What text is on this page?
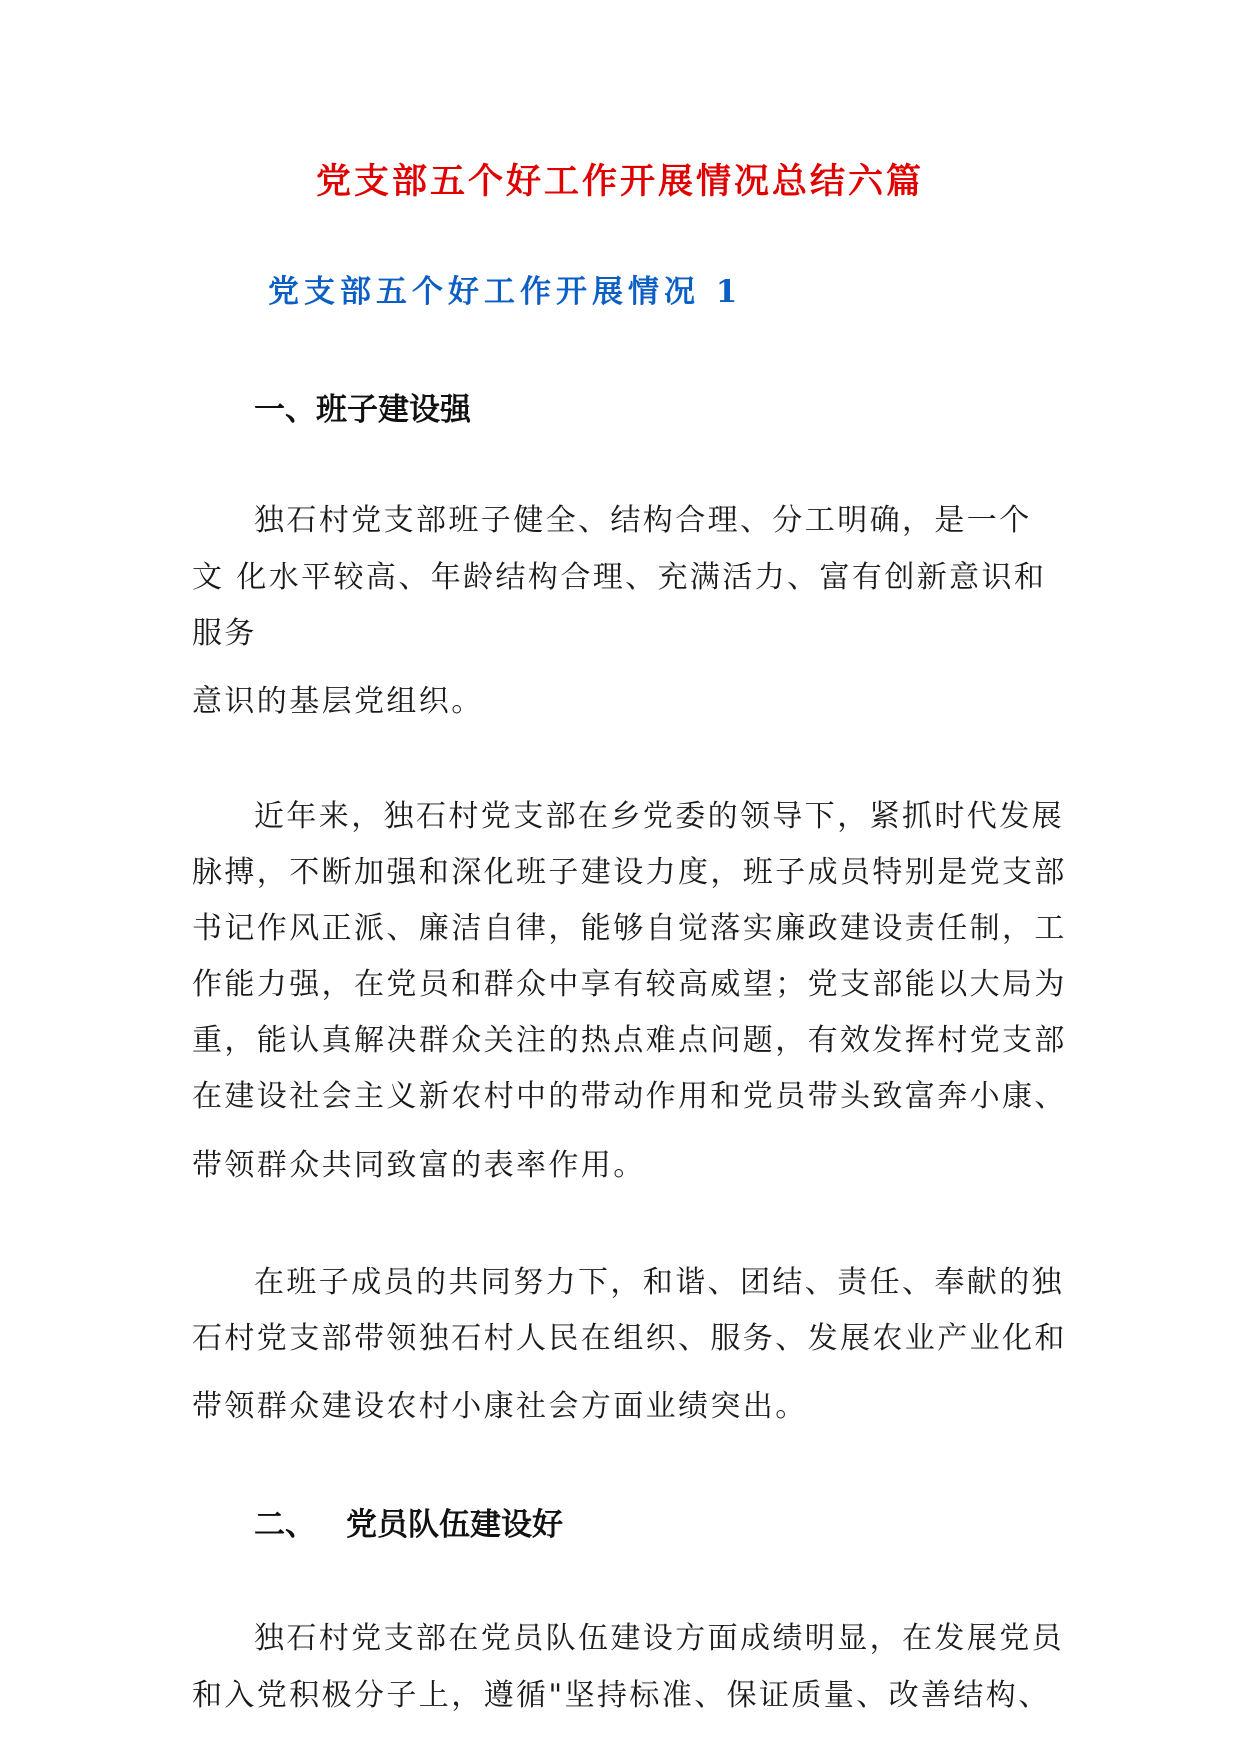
党支部五个好工作开展情况总结六篇
党支部五个好工作开展情况 1
一、班子建设强
独石村党支部班子健全、结构合理、分工明确，是一个
文 化水平较高、年龄结构合理、充满活力、富有创新意识和
服务
意识的基层党组织。
近年来，独石村党支部在乡党委的领导下，紧抓时代发展
脉搏，不断加强和深化班子建设力度，班子成员特别是党支部
书记作风正派、廉洁自律，能够自觉落实廉政建设责任制，工
作能力强，在党员和群众中享有较高威望；党支部能以大局为
重，能认真解决群众关注的热点难点问题，有效发挥村党支部
在建设社会主义新农村中的带动作用和党员带头致富奔小康、
带领群众共同致富的表率作用。
在班子成员的共同努力下，和谐、团结、责任、奉献的独
石村党支部带领独石村人民在组织、服务、发展农业产业化和
带领群众建设农村小康社会方面业绩突出。
二、 党员队伍建设好
独石村党支部在党员队伍建设方面成绩明显，在发展党员
和入党积极分子上，遵循"坚持标准、保证质量、改善结构、
